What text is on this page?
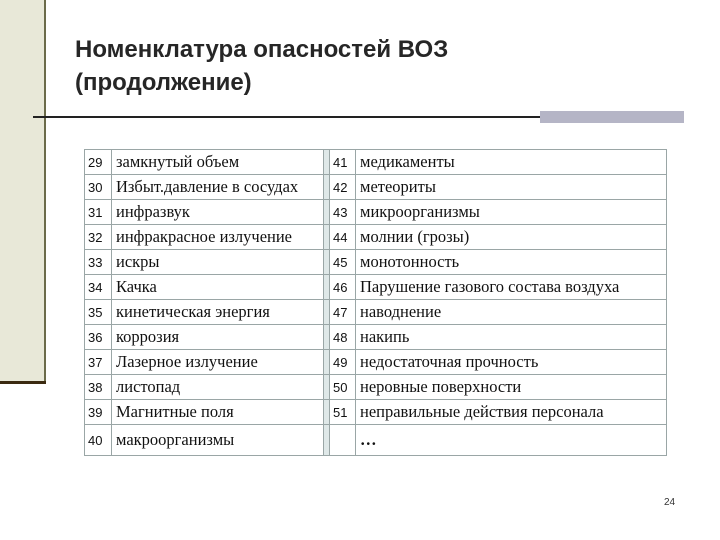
Номенклатура опасностей ВОЗ
(продолжение)
29	замкнутый объем		41	медикаменты
30	Избыт.давление в сосудах		42	метеориты
31	инфразвук		43	микроорганизмы
32	инфракрасное излучение		44	молнии (грозы)
33	искры		45	монотонность
34	Качка		46	Парушение газового состава воздуха
35	кинетическая энергия		47	наводнение
36	коррозия		48	накипь
37	Лазерное излучение		49	недостаточная прочность
38	листопад		50	неровные поверхности
39	Магнитные поля		51	неправильные действия персонала
40	макроорганизмы			…
24
